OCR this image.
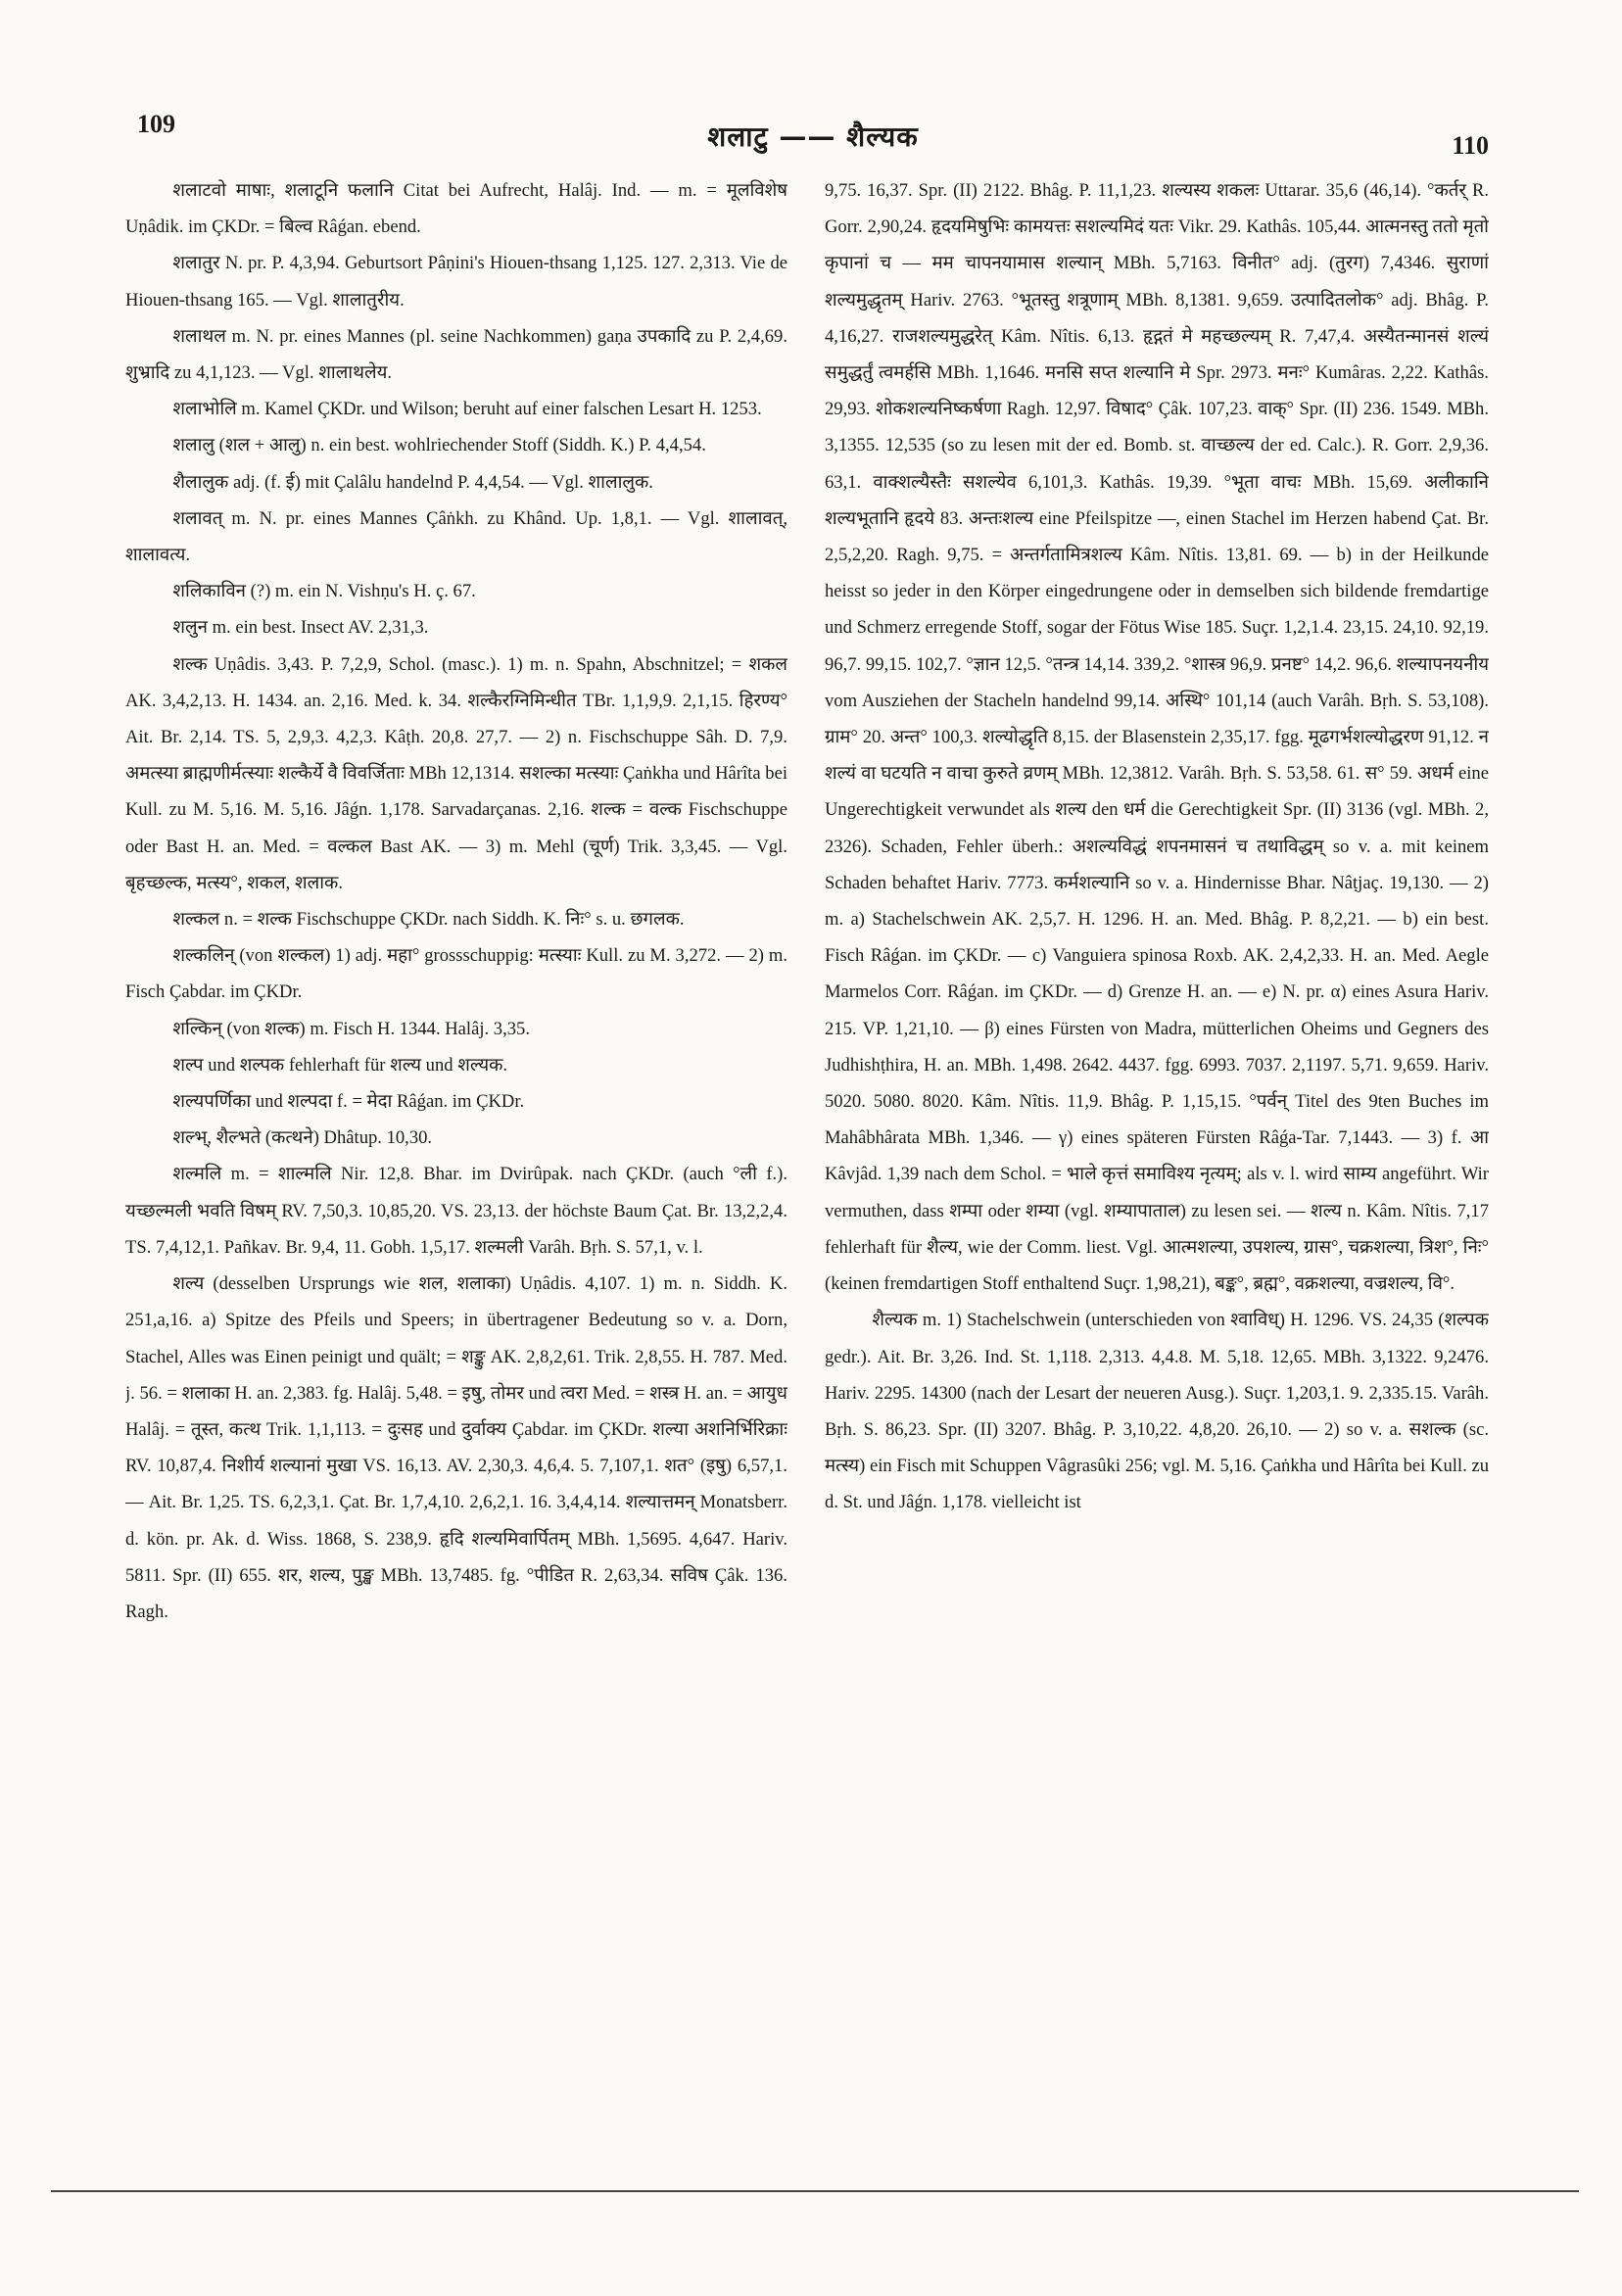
109	शलाटु —— शैल्यक	110

शलाटवो माषाः, शलाटूनि फलानि Citat bei Aufrecht, Halâj. Ind. — m. = मूलविशेष Uṇâdik. im ÇKDr. = बिल्व Râǵan. ebend.

शलातुर N. pr. P. 4,3,94. Geburtsort Pâṇini's Hiouen-thsang 1,125. 127. 2,313. Vie de Hiouen-thsang 165. — Vgl. शालातुरीय.

शलाथल m. N. pr. eines Mannes (pl. seine Nachkommen) gaṇa उपकादि zu P. 2,4,69. शुभ्रादि zu 4,1,123. — Vgl. शालाथलेय.

शलाभोलि m. Kamel ÇKDr. und Wilson; beruht auf einer falschen Lesart H. 1253.

शलालु (शल + आलु) n. ein best. wohlriechender Stoff (Siddh. K.) P. 4,4,54.

शैलालुक adj. (f. ई) mit Çalâlu handelnd P. 4,4,54. — Vgl. शालालुक.

शलावत् m. N. pr. eines Mannes Çâṅkh. zu Khând. Up. 1,8,1. — Vgl. शालावत्, शालावत्य.

शलिकाविन (?) m. ein N. Vishṇu's H. ç. 67.

शलुन m. ein best. Insect AV. 2,31,3.

शल्क Uṇâdis. 3,43. P. 7,2,9, Schol. (masc.). 1) m. n. Spahn, Abschnitzel; = शकल AK. 3,4,2,13. H. 1434. an. 2,16. Med. k. 34. शल्कैरग्निमिन्धीत TBr. 1,1,9,9. 2,1,15. हिरण्य° Ait. Br. 2,14. TS. 5, 2,9,3. 4,2,3. Kâṭh. 20,8. 27,7. — 2) n. Fischschuppe Sâh. D. 7,9. अमत्स्या ब्राह्मणीर्मत्स्याः शल्कैर्ये वै विवर्जिताः MBh 12,1314. सशल्का मत्स्याः Çaṅkha und Hârîta bei Kull. zu M. 5,16. M. 5,16. Jâǵn. 1,178. Sarvadarçanas. 2,16. शल्क = वल्क Fischschuppe oder Bast H. an. Med. = वल्कल Bast AK. — 3) m. Mehl (चूर्ण) Trik. 3,3,45. — Vgl. बृहच्छल्क, मत्स्य°, शकल, शलाक.

शल्कल n. = शल्क Fischschuppe ÇKDr. nach Siddh. K. निः° s. u. छगलक.

शल्कलिन् (von शल्कल) 1) adj. महा° grossschuppig: मत्स्याः Kull. zu M. 3,272. — 2) m. Fisch Çabdar. im ÇKDr.

शल्किन् (von शल्क) m. Fisch H. 1344. Halâj. 3,35.

शल्प und शल्पक fehlerhaft für शल्य und शल्यक.

शल्यपर्णिका und शल्पदा f. = मेदा Râǵan. im ÇKDr.

शल्भ्, शैल्भते (कत्थने) Dhâtup. 10,30.

शल्मलि m. = शाल्मलि Nir. 12,8. Bhar. im Dvirûpak. nach ÇKDr. (auch °ली f.). यच्छल्मली भवति विषम् RV. 7,50,3. 10,85,20. VS. 23,13. der höchste Baum Çat. Br. 13,2,2,4. TS. 7,4,12,1. Pañkav. Br. 9,4, 11. Gobh. 1,5,17. शल्मली Varâh. Bṛh. S. 57,1, v. l.

शल्य (desselben Ursprungs wie शल, शलाका) Uṇâdis. 4,107. 1) m. n. Siddh. K. 251,a,16. a) Spitze des Pfeils und Speers; in übertragener Bedeutung so v. a. Dorn, Stachel, Alles was Einen peinigt und quält; = शङ्कु AK. 2,8,2,61. Trik. 2,8,55. H. 787. Med. j. 56. = शलाका H. an. 2,383. fg. Halâj. 5,48. = इषु, तोमर und त्वरा Med. = शस्त्र H. an. = आयुध Halâj. = तूस्त, कत्थ Trik. 1,1,113. = दुःसह und दुर्वाक्य Çabdar. im ÇKDr. शल्या अशनिर्भिरिक्राः RV. 10,87,4. निशीर्य शल्यानां मुखा VS. 16,13. AV. 2,30,3. 4,6,4. 5. 7,107,1. शत° (इषु) 6,57,1. — Ait. Br. 1,25. TS. 6,2,3,1. Çat. Br. 1,7,4,10. 2,6,2,1. 16. 3,4,4,14. शल्यात्तमन् Monatsberr. d. kön. pr. Ak. d. Wiss. 1868, S. 238,9. हृदि शल्यमिवार्पितम् MBh. 1,5695. 4,647. Hariv. 5811. Spr. (II) 655. शर, शल्य, पुङ्ख MBh. 13,7485. fg. °पीडित R. 2,63,34. सविष Çâk. 136. Ragh.

9,75. 16,37. Spr. (II) 2122. Bhâg. P. 11,1,23. शल्यस्य शकलः Uttarar. 35,6 (46,14). °कर्तर् R. Gorr. 2,90,24. हृदयमिषुभिः कामयत्तः सशल्यमिदं यतः Vikr. 29. Kathâs. 105,44. आत्मनस्तु ततो मृतो कृपानां च — मम चापनयामास शल्यान् MBh. 5,7163. विनीत° adj. (तुरग) 7,4346. सुराणां शल्यमुद्धृतम् Hariv. 2763. °भूतस्तु शत्रूणाम् MBh. 8,1381. 9,659. उत्पादितलोक° adj. Bhâg. P. 4,16,27. राजशल्यमुद्धरेत् Kâm. Nîtis. 6,13. हृद्गतं मे महच्छल्यम् R. 7,47,4. अस्यैतन्मानसं शल्यं समुद्धर्तुं त्वमर्हसि MBh. 1,1646. मनसि सप्त शल्यानि मे Spr. 2973. मनः° Kumâras. 2,22. Kathâs. 29,93. शोकशल्यनिष्कर्षणा Ragh. 12,97. विषाद° Çâk. 107,23. वाक्° Spr. (II) 236. 1549. MBh. 3,1355. 12,535 (so zu lesen mit der ed. Bomb. st. वाच्छल्य der ed. Calc.). R. Gorr. 2,9,36. 63,1. वाक्शल्यैस्तैः सशल्येव 6,101,3. Kathâs. 19,39. °भूता वाचः MBh. 15,69. अलीकानि शल्यभूतानि हृदये 83. अन्तःशल्य eine Pfeilspitze —, einen Stachel im Herzen habend Çat. Br. 2,5,2,20. Ragh. 9,75. = अन्तर्गतामित्रशल्य Kâm. Nîtis. 13,81. 69. — b) in der Heilkunde heisst so jeder in den Körper eingedrungene oder in demselben sich bildende fremdartige und Schmerz erregende Stoff, sogar der Fötus Wise 185. Suçr. 1,2,1.4. 23,15. 24,10. 92,19. 96,7. 99,15. 102,7. °ज्ञान 12,5. °तन्त्र 14,14. 339,2. °शास्त्र 96,9. प्रनष्ट° 14,2. 96,6. शल्यापनयनीय vom Ausziehen der Stacheln handelnd 99,14. अस्थि° 101,14 (auch Varâh. Bṛh. S. 53,108). ग्राम° 20. अन्त° 100,3. शल्योद्धृति 8,15. der Blasenstein 2,35,17. fgg. मूढगर्भशल्योद्धरण 91,12. न शल्यं वा घटयति न वाचा कुरुते व्रणम् MBh. 12,3812. Varâh. Bṛh. S. 53,58. 61. स° 59. अधर्म eine Ungerechtigkeit verwundet als शल्य den धर्म die Gerechtigkeit Spr. (II) 3136 (vgl. MBh. 2, 2326). Schaden, Fehler überh.: अशल्यविद्धं शपनमासनं च तथाविद्धम् so v. a. mit keinem Schaden behaftet Hariv. 7773. कर्मशल्यानि so v. a. Hindernisse Bhar. Nâṭjaç. 19,130. — 2) m. a) Stachelschwein AK. 2,5,7. H. 1296. H. an. Med. Bhâg. P. 8,2,21. — b) ein best. Fisch Râǵan. im ÇKDr. — c) Vanguiera spinosa Roxb. AK. 2,4,2,33. H. an. Med. Aegle Marmelos Corr. Râǵan. im ÇKDr. — d) Grenze H. an. — e) N. pr. α) eines Asura Hariv. 215. VP. 1,21,10. — β) eines Fürsten von Madra, mütterlichen Oheims und Gegners des Judhishṭhira, H. an. MBh. 1,498. 2642. 4437. fgg. 6993. 7037. 2,1197. 5,71. 9,659. Hariv. 5020. 5080. 8020. Kâm. Nîtis. 11,9. Bhâg. P. 1,15,15. °पर्वन् Titel des 9ten Buches im Mahâbhârata MBh. 1,346. — γ) eines späteren Fürsten Râǵa-Tar. 7,1443. — 3) f. आ Kâvjâd. 1,39 nach dem Schol. = भाले कृत्तं समाविश्य नृत्यम्; als v. l. wird साम्य angeführt. Wir vermuthen, dass शम्पा oder शम्या (vgl. शम्यापाताल) zu lesen sei. — शल्य n. Kâm. Nîtis. 7,17 fehlerhaft für शैल्य, wie der Comm. liest. Vgl. आत्मशल्या, उपशल्य, ग्रास°, चक्रशल्या, त्रिश°, निः° (keinen fremdartigen Stoff enthaltend Suçr. 1,98,21), बङ्क°, ब्रह्म°, वक्रशल्या, वज्रशल्य, वि°.

शैल्यक m. 1) Stachelschwein (unterschieden von श्वाविध्) H. 1296. VS. 24,35 (शल्पक gedr.). Ait. Br. 3,26. Ind. St. 1,118. 2,313. 4,4.8. M. 5,18. 12,65. MBh. 3,1322. 9,2476. Hariv. 2295. 14300 (nach der Lesart der neueren Ausg.). Suçr. 1,203,1. 9. 2,335.15. Varâh. Bṛh. S. 86,23. Spr. (II) 3207. Bhâg. P. 3,10,22. 4,8,20. 26,10. — 2) so v. a. सशल्क (sc. मत्स्य) ein Fisch mit Schuppen Vâgrasûki 256; vgl. M. 5,16. Çaṅkha und Hârîta bei Kull. zu d. St. und Jâǵn. 1,178. vielleicht ist
